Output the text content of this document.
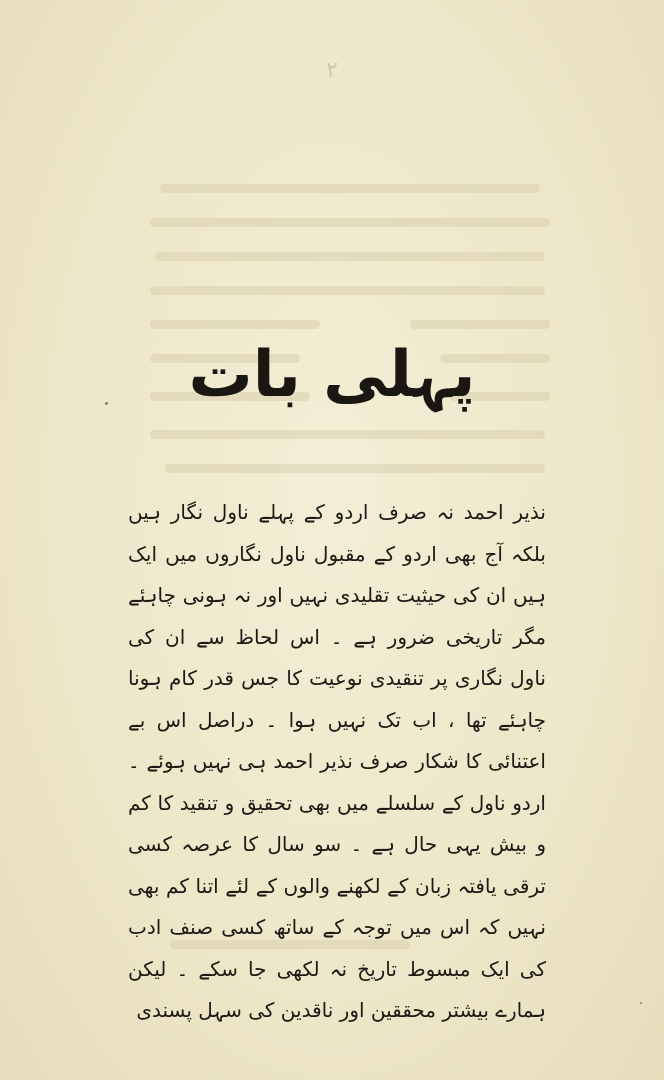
۲
پہلی بات

نذیر احمد نہ صرف اردو کے پہلے ناول نگار ہیں بلکہ آج بھی اردو کے مقبول ناول نگاروں میں ایک ہیں ان کی حیثیت تقلیدی نہیں اور نہ ہونی چاہئے مگر تاریخی ضرور ہے ۔ اس لحاظ سے ان کی ناول نگاری پر تنقیدی نوعیت کا جس قدر کام ہونا چاہئے تھا ، اب تک نہیں ہوا ۔ دراصل اس بے اعتنائی کا شکار صرف نذیر احمد ہی نہیں ہوئے ۔ اردو ناول کے سلسلے میں بھی تحقیق و تنقید کا کم و بیش یہی حال ہے ۔ سو سال کا عرصہ کسی ترقی یافتہ زبان کے لکھنے والوں کے لئے اتنا کم بھی نہیں کہ اس میں توجہ کے ساتھ کسی صنف ادب کی ایک مبسوط تاریخ نہ لکھی جا سکے ۔ لیکن ہمارے بیشتر محققین اور ناقدین کی سہل پسندی
